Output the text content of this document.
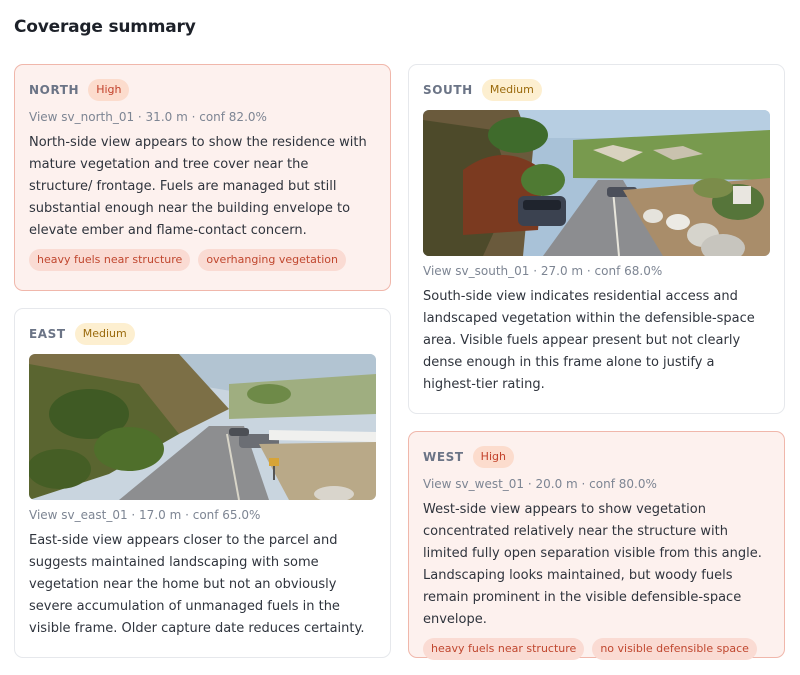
Coverage summary
NORTH	High
View sv_north_01 · 31.0 m · conf 82.0%
North-side view appears to show the residence with mature vegetation and tree cover near the structure/ frontage. Fuels are managed but still substantial enough near the building envelope to elevate ember and flame-contact concern.
heavy fuels near structure	overhanging vegetation
SOUTH	Medium
View sv_south_01 · 27.0 m · conf 68.0%
South-side view indicates residential access and landscaped vegetation within the defensible-space area. Visible fuels appear present but not clearly dense enough in this frame alone to justify a highest-tier rating.
EAST	Medium
View sv_east_01 · 17.0 m · conf 65.0%
East-side view appears closer to the parcel and suggests maintained landscaping with some vegetation near the home but not an obviously severe accumulation of unmanaged fuels in the visible frame. Older capture date reduces certainty.
WEST	High
View sv_west_01 · 20.0 m · conf 80.0%
West-side view appears to show vegetation concentrated relatively near the structure with limited fully open separation visible from this angle. Landscaping looks maintained, but woody fuels remain prominent in the visible defensible-space envelope.
heavy fuels near structure	no visible defensible space
